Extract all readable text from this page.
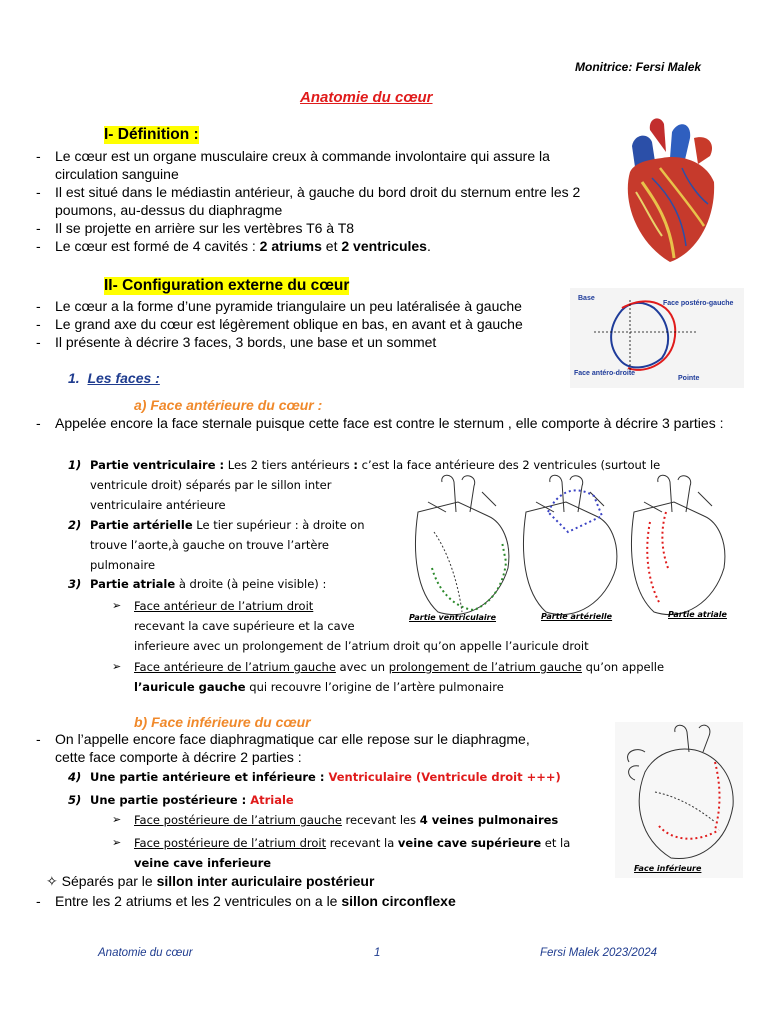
Monitrice: Fersi Malek
Anatomie du cœur
I- Définition :
- Le cœur est un organe musculaire creux à commande involontaire qui assure la circulation sanguine
- Il est situé dans le médiastin antérieur, à gauche du bord droit du sternum entre les 2 poumons, au-dessus du diaphragme
- Il se projette en arrière sur les vertèbres T6 à T8
- Le cœur est formé de 4 cavités : 2 atriums et 2 ventricules.
II- Configuration externe du cœur
- Le cœur a la forme d’une pyramide triangulaire un peu latéralisée à gauche
- Le grand axe du cœur est légèrement oblique en bas, en avant et à gauche
- Il présente à décrire 3 faces, 3 bords, une base et un sommet
Base
Face postéro-gauche
Face antéro-droite
Pointe
1. Les faces :
a) Face antérieure du cœur :
- Appelée encore la face sternale puisque cette face est contre le sternum , elle comporte à décrire 3 parties :
1) Partie ventriculaire : Les 2 tiers antérieurs : c’est la face antérieure des 2 ventricules (surtout le
ventricule droit) séparés par le sillon inter
ventriculaire antérieure
2) Partie artérielle Le tier supérieur : à droite on
trouve l’aorte,à gauche on trouve l’artère
pulmonaire
3) Partie atriale à droite (à peine visible) :
➢	Face antérieur de l’atrium droit
recevant la cave supérieure et la cave
inferieure avec un prolongement de l’atrium droit qu’on appelle l’auricule droit
➢	Face antérieure de l’atrium gauche avec un prolongement de l’atrium gauche qu’on appelle
l’auricule gauche qui recouvre l’origine de l’artère pulmonaire
Partie ventriculaire	Partie artérielle	Partie atriale
b) Face inférieure du cœur
- On l’appelle encore face diaphragmatique car elle repose sur le diaphragme,
cette face comporte à décrire 2 parties :
4) Une partie antérieure et inférieure : Ventriculaire (Ventricule droit +++)
5) Une partie postérieure : Atriale
➢	Face postérieure de l’atrium gauche recevant les 4 veines pulmonaires
➢	Face postérieure de l’atrium droit recevant la veine cave supérieure et la
veine cave inferieure	Face inférieure
✧ Séparés par le sillon inter auriculaire postérieur
- Entre les 2 atriums et les 2 ventricules on a le sillon circonflexe
Anatomie du cœur	1	Fersi Malek 2023/2024
